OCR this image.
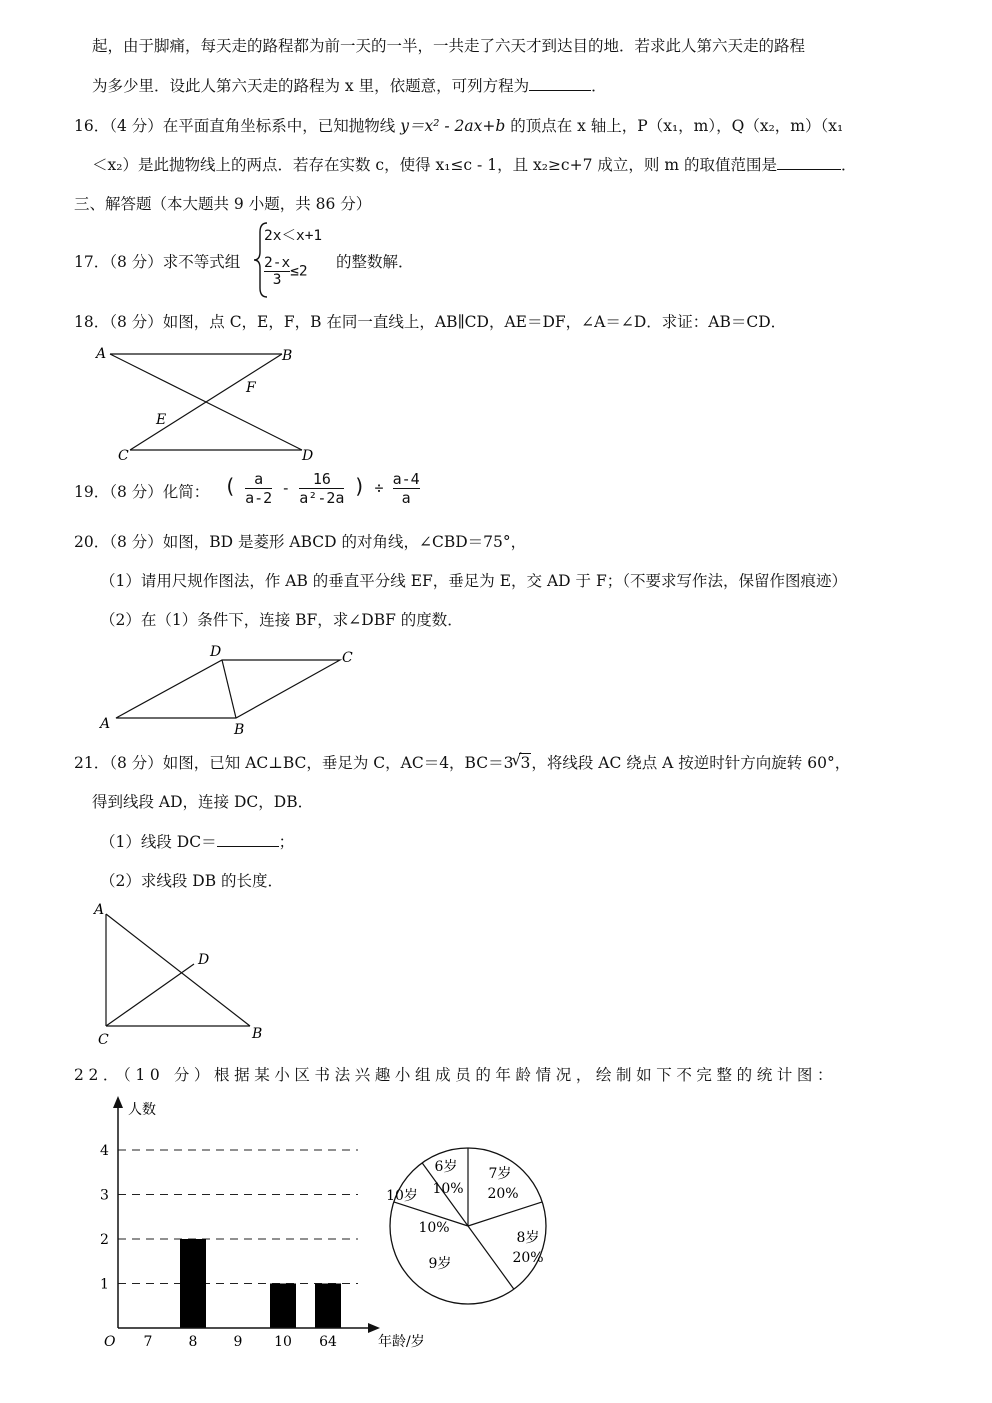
起，由于脚痛，每天走的路程都为前一天的一半，一共走了六天才到达目的地．若求此人第六天走的路程
为多少里．设此人第六天走的路程为 x 里，依题意，可列方程为	．
16．（4 分）在平面直角坐标系中，已知抛物线 y＝x² - 2ax+b 的顶点在 x 轴上，P（x₁，m），Q（x₂，m）（x₁
＜x₂）是此抛物线上的两点．若存在实数 c，使得 x₁≤c - 1，且 x₂≥c+7 成立，则 m 的取值范围是	．
三、解答题（本大题共 9 小题，共 86 分）
17．（8 分）求不等式组
2x＜x+1
$\frac{2-x}{3} \le 2$
的整数解．
18．（8 分）如图，点 C，E，F，B 在同一直线上，AB∥CD，AE＝DF，∠A＝∠D．求证：AB＝CD．
A	B
C	D
E
F
19．（8 分）化简： ( $\frac{a}{a-2} - \frac{16}{\text{a²-2a}}$ ) ÷ $\frac{a-4}{a}$
20．（8 分）如图，BD 是菱形 ABCD 的对角线，∠CBD＝75°，
（1）请用尺规作图法，作 AB 的垂直平分线 EF，垂足为 E，交 AD 于 F；（不要求写作法，保留作图痕迹）
（2）在（1）条件下，连接 BF，求∠DBF 的度数．
A	B
C
D
21．（8 分）如图，已知 AC⊥BC，垂足为 C，AC＝4，BC＝3
√ 3，将线段 AC 绕点 A 按逆时针方向旋转 60°，
得到线段 AD，连接 DC，DB．
（1）线段 DC＝	；
（2）求线段 DB 的长度．
A
B
C
D
22．（10 分）根据某小区书法兴趣小组成员的年龄情况，绘制如下不完整的统计图：
1
2
3
4
7	8	9 10 64
人数
年龄/岁
O
6岁
10%
7岁
20%
8岁
20%
9岁
10岁
10%
